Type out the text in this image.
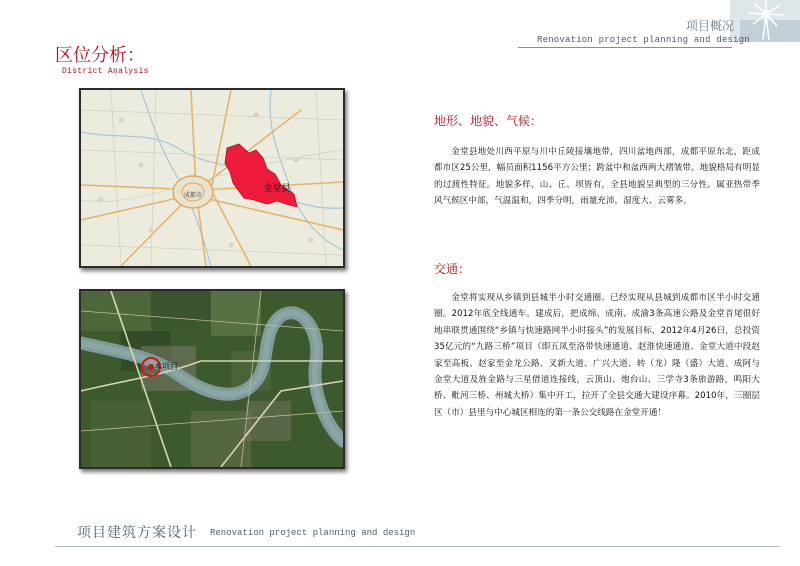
项目概况
Renovation project planning and design
区位分析：
District Analysis
成都市
金堂县
本项目
地形、地貌、气候：
金堂县地处川西平原与川中丘陵接壤地带，四川盆地西部，成都平原东北，距成都市区25公里，幅员面积1156平方公里；跨盆中和盆西两大褶皱带。地貌格局有明显的过渡性特征。地貌多样，山、丘、坝皆有，全县地貌呈典型的三分性。属亚热带季风气候区中部，气温温和，四季分明，雨量充沛，湿度大、云雾多。
交通：
金堂将实现从乡镇到县城半小时交通圈、已经实现从县城到成都市区半小时交通圈。2012年底全线通车。建成后，把成绵、成南、成渝3条高速公路及金堂首尾很好地串联贯通围绕“乡镇与快速路网半小时接头”的发展目标，2012年4月26日，总投资35亿元的“九路三桥”项目（即五凤至洛带快速通道、赵淮快速通道、金堂大道中段赵家至高板、赵家至金龙公路、叉新大道、广兴大道、转（龙）隆（盛）大道、成阿与金堂大道及旌金路与三星借道连接线，云顶山、炮台山、三学寺3条旅游路，鸣阳大桥、毗河三桥、州城大桥）集中开工，拉开了全县交通大建设序幕。2010年，三圈层区（市）县里与中心城区相连的第一条公交线路在金堂开通！
项目建筑方案设计 Renovation project planning and design
